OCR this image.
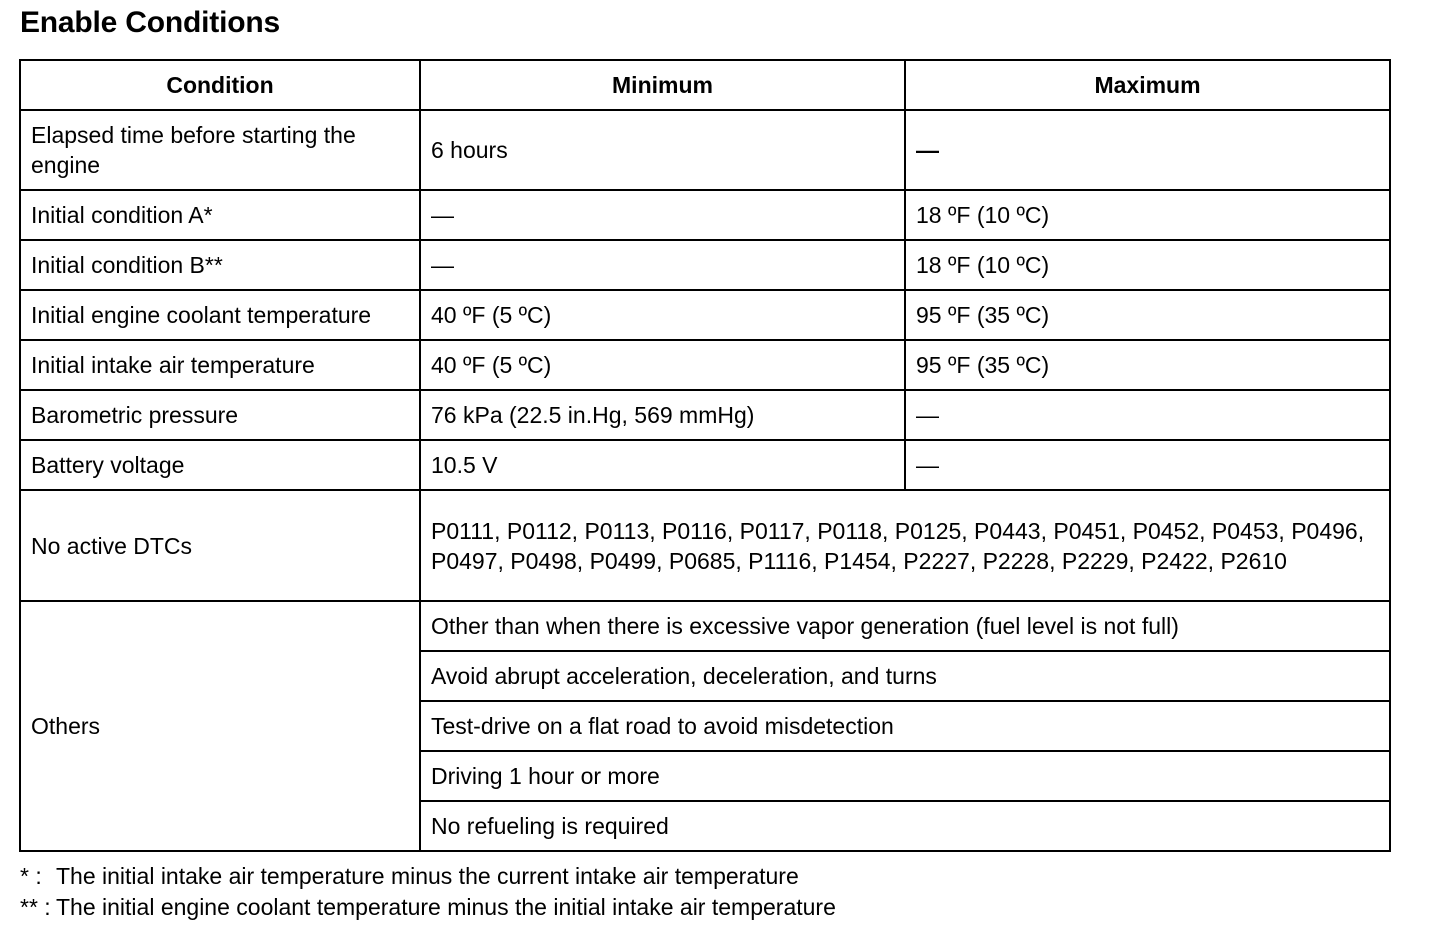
Enable Conditions
Condition	Minimum	Maximum
Elapsed time before starting the engine	6 hours	—
Initial condition A*	—	18 ºF (10 ºC)
Initial condition B**	—	18 ºF (10 ºC)
Initial engine coolant temperature	40 ºF (5 ºC)	95 ºF (35 ºC)
Initial intake air temperature	40 ºF (5 ºC)	95 ºF (35 ºC)
Barometric pressure	76 kPa (22.5 in.Hg, 569 mmHg)	—
Battery voltage	10.5 V	—
No active DTCs	P0111, P0112, P0113, P0116, P0117, P0118, P0125, P0443, P0451, P0452, P0453, P0496, P0497, P0498, P0499, P0685, P1116, P1454, P2227, P2228, P2229, P2422, P2610	
Others	Other than when there is excessive vapor generation (fuel level is not full)	
	Avoid abrupt acceleration, deceleration, and turns	
	Test-drive on a flat road to avoid misdetection	
	Driving 1 hour or more	
	No refueling is required	
* : The initial intake air temperature minus the current intake air temperature
** : The initial engine coolant temperature minus the initial intake air temperature
